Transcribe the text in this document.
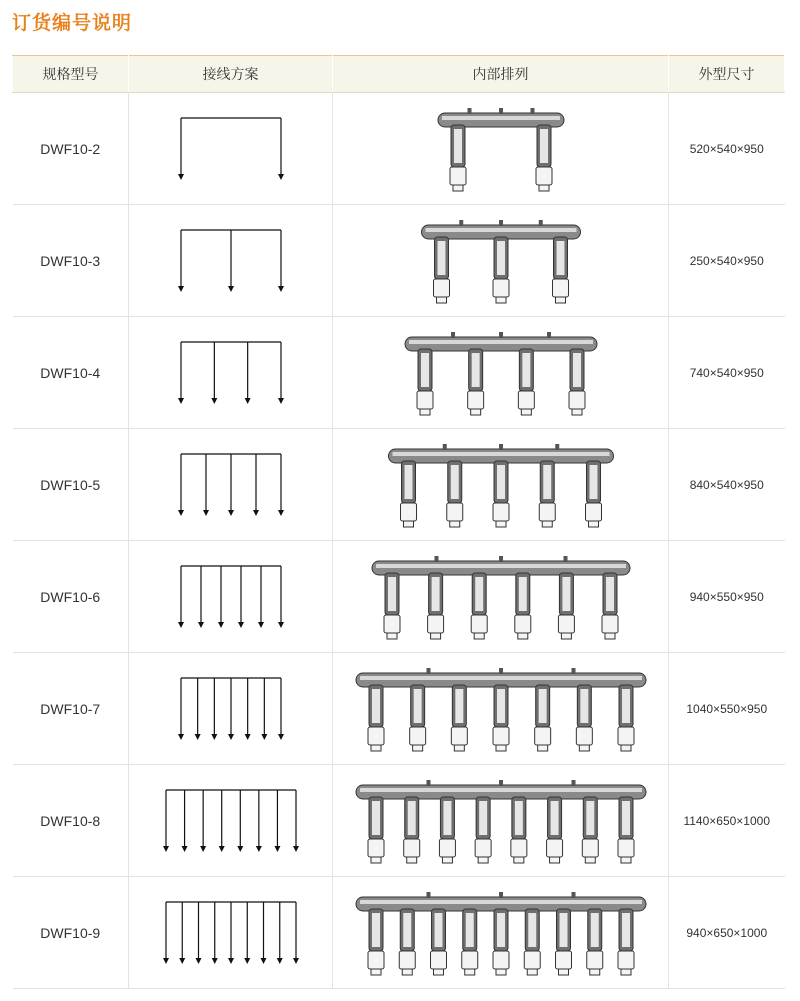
订货编号说明
规格型号	接线方案	内部排列	外型尺寸
DWF10-2			520×540×950
DWF10-3			250×540×950
DWF10-4			740×540×950
DWF10-5			840×540×950
DWF10-6			940×550×950
DWF10-7			1040×550×950
DWF10-8			1140×650×1000
DWF10-9			940×650×1000
